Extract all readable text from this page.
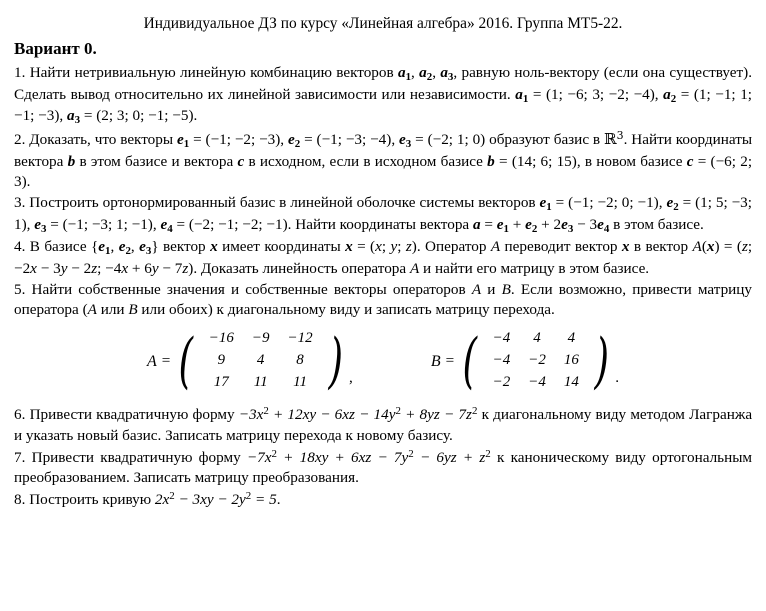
Индивидуальное ДЗ по курсу «Линейная алгебра» 2016. Группа МТ5-22.
Вариант 0.
1. Найти нетривиальную линейную комбинацию векторов $a_1$, $a_2$, $a_3$, равную ноль-вектору (если она существует). Сделать вывод относительно их линейной зависимости или независимости. $a_1 = (1$; −6; 3; −2; −4), $a_2 = (1$; −1; 1; −1; −3), $a_3 = (2$; 3; 0; −1; −5).
2. Доказать, что векторы $e_1 = (-1$; −2; −3), $e_2 = (-1$; −3; −4), $e_3 = (-2$; 1; 0) образуют базис в ℝ$^3$. Найти координаты вектора b в этом базисе и вектора c в исходном, если в исходном базисе b = (14; 6; 15), в новом базисе c = (−6; 2; 3).
3. Построить ортонормированный базис в линейной оболочке системы векторов $e_1 = (-1$; −2; 0; −1), $e_2 = (1$; 5; −3; 1), $e_3 = (-1$; −3; 1; −1), $e_4 = (-2$; −1; −2; −1). Найти координаты вектора $a = e_1 + e_2 + 2e_3 - 3e_4$ в этом базисе.
4. В базисе {$e_1$, $e_2$, $e_3$} вектор x имеет координаты x = (x; y; z). Оператор A переводит вектор x в вектор A(x) = (z; −2x − 3y − 2z; −4x + 6y − 7z). Доказать линейность оператора A и найти его матрицу в этом базисе.
5. Найти собственные значения и собственные векторы операторов A и B. Если возможно, привести матрицу оператора (A или B или обоих) к диагональному виду и записать матрицу перехода.
A = (	−16	−9	−12
9	4	8
17	11	11 ) ,
B = (	−4	4	4
−4	−2	16
−2	−4	14 ) .
6. Привести квадратичную форму $-3x^2 + 12xy - 6xz - 14y^2 + 8yz - 7z^2$ к диагональному виду методом Лагранжа и указать новый базис. Записать матрицу перехода к новому базису.
7. Привести квадратичную форму $-7x^2 + 18xy + 6xz - 7y^2 - 6yz + z^2$ к каноническому виду ортогональным преобразованием. Записать матрицу преобразования.
8. Построить кривую $2x^2 - 3xy - 2y^2 = 5$.
